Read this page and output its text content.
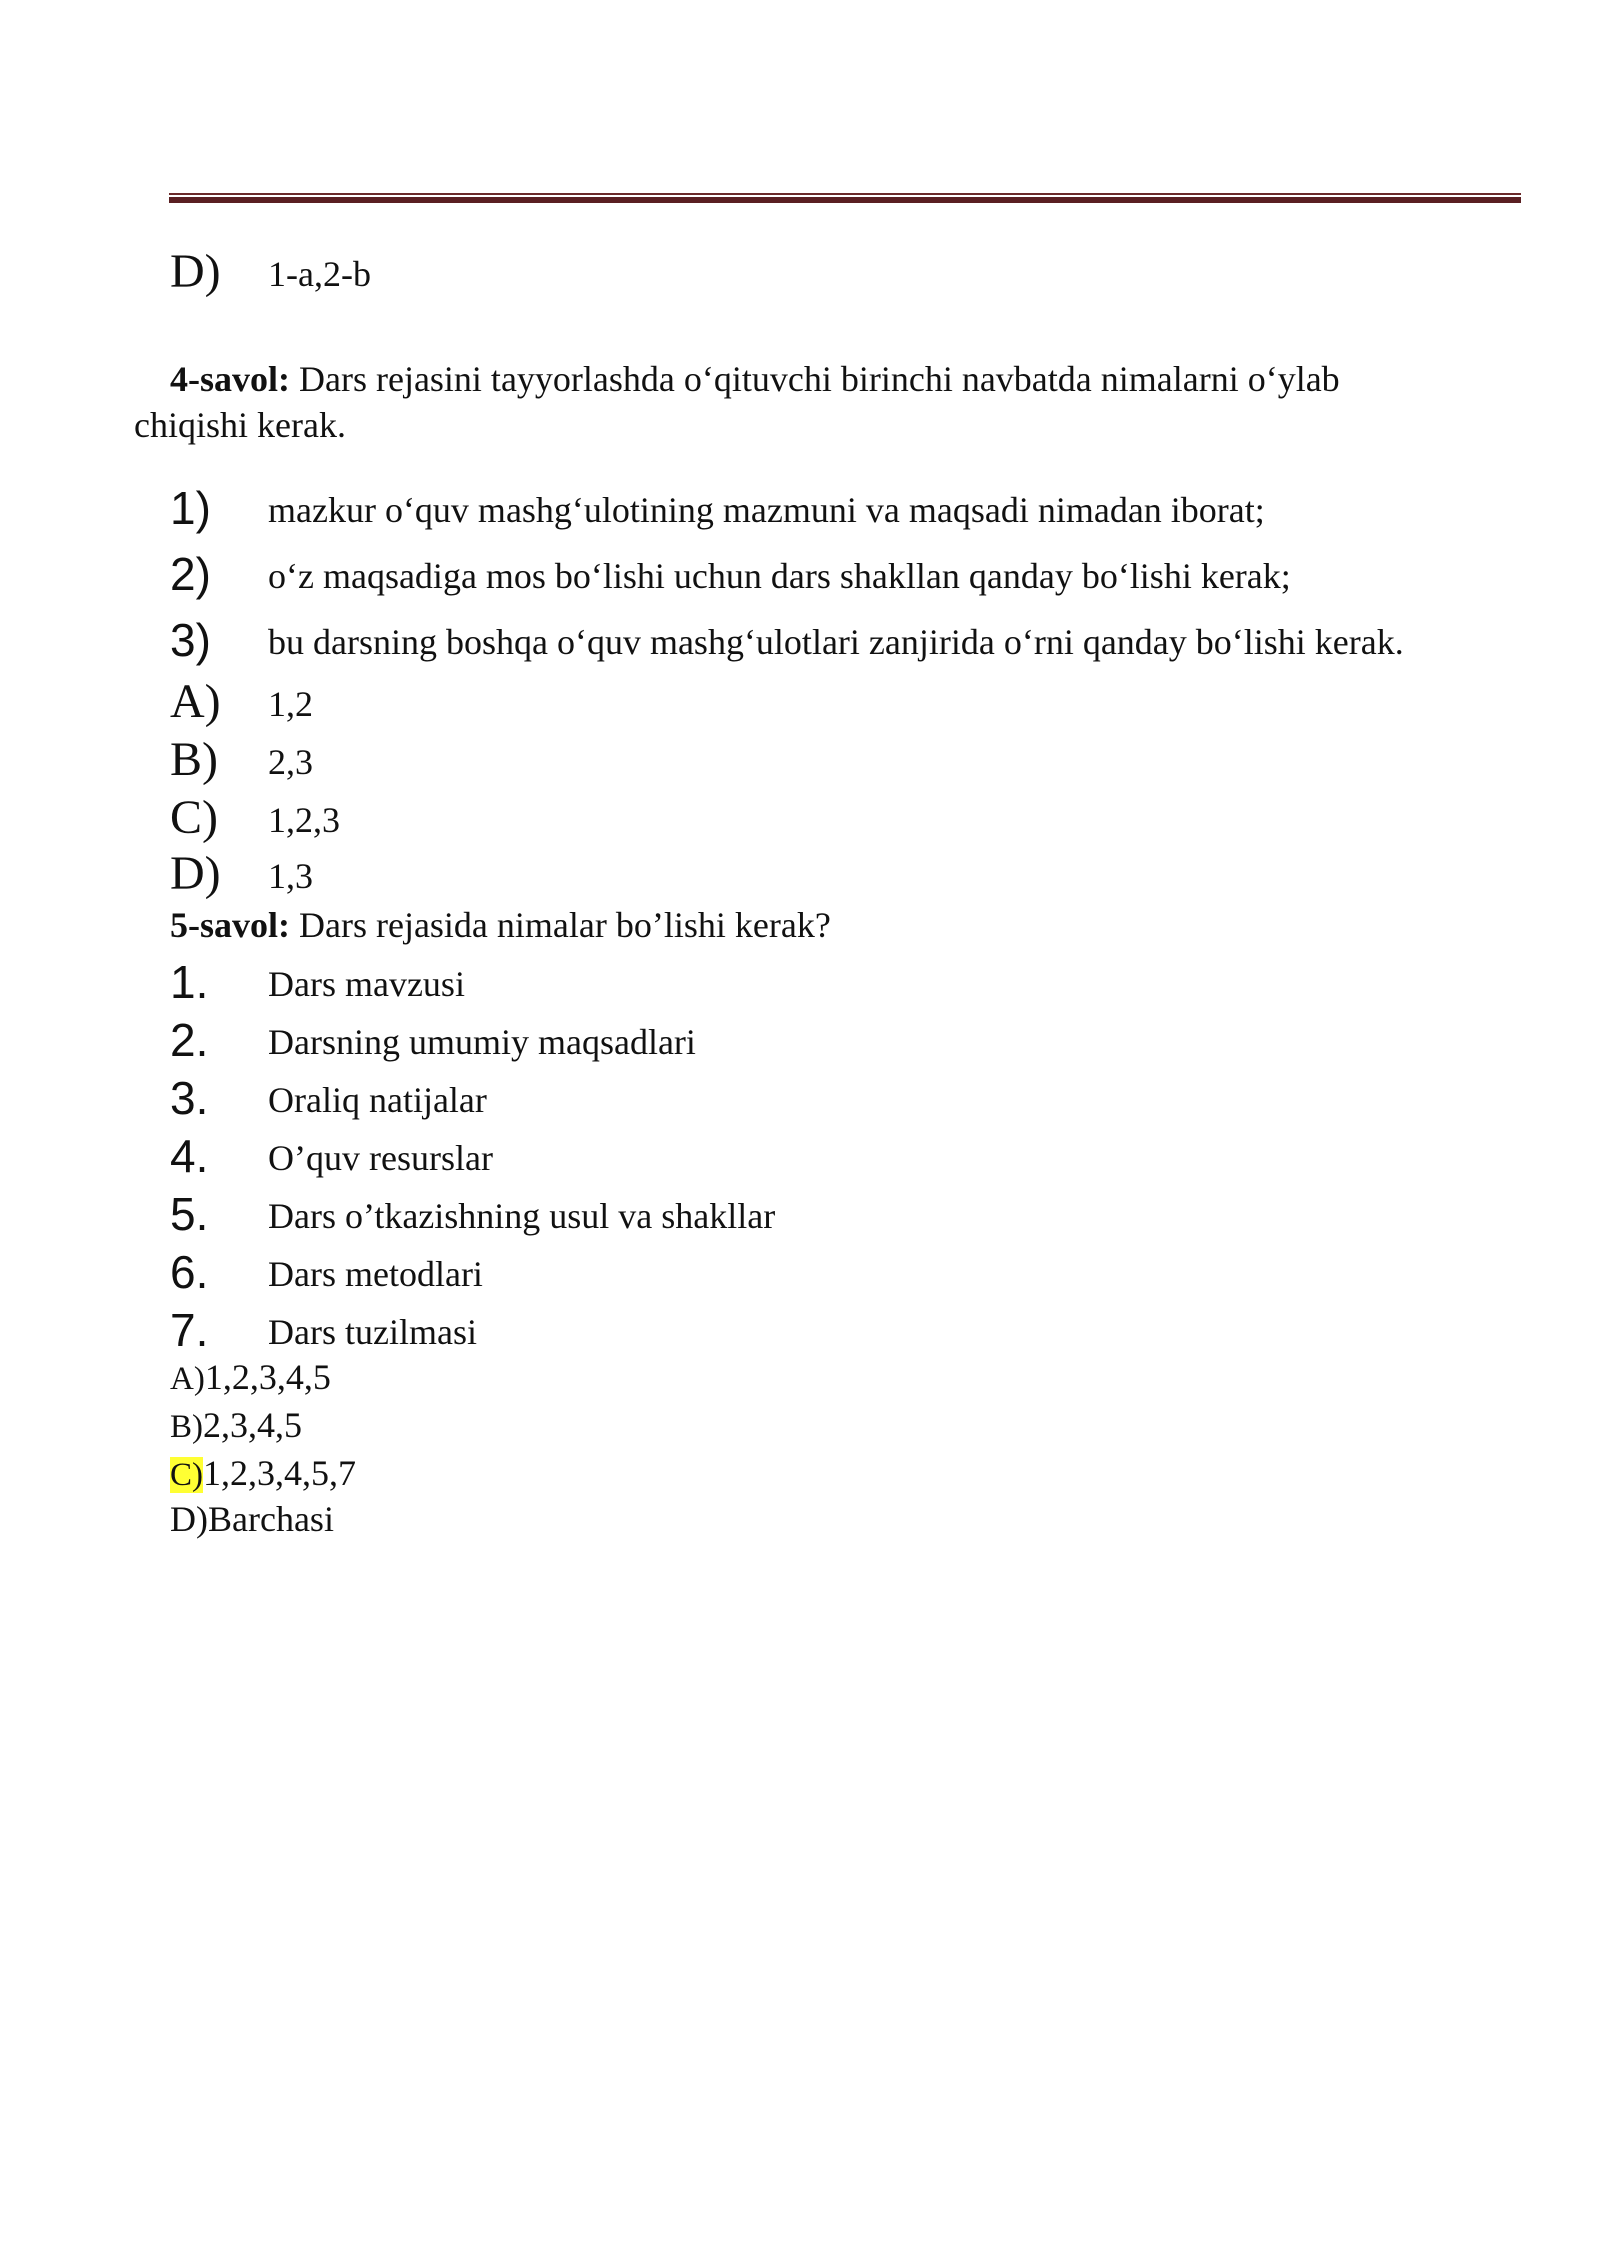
D) 1-a,2-b
4-savol: Dars rejasini tayyorlashda o‘qituvchi birinchi navbatda nimalarni o‘ylab
chiqishi kerak.
1) mazkur o‘quv mashg‘ulotining mazmuni va maqsadi nimadan iborat;
2) o‘z maqsadiga mos bo‘lishi uchun dars shakllan qanday bo‘lishi kerak;
3) bu darsning boshqa o‘quv mashg‘ulotlari zanjirida o‘rni qanday bo‘lishi kerak.
A) 1,2
B) 2,3
C) 1,2,3
D) 1,3
5-savol: Dars rejasida nimalar bo’lishi kerak?
1. Dars mavzusi
2. Darsning umumiy maqsadlari
3. Oraliq natijalar
4. O’quv resurslar
5. Dars o’tkazishning usul va shakllar
6. Dars metodlari
7. Dars tuzilmasi
A)1,2,3,4,5
B)2,3,4,5
C)1,2,3,4,5,7
D)Barchasi
